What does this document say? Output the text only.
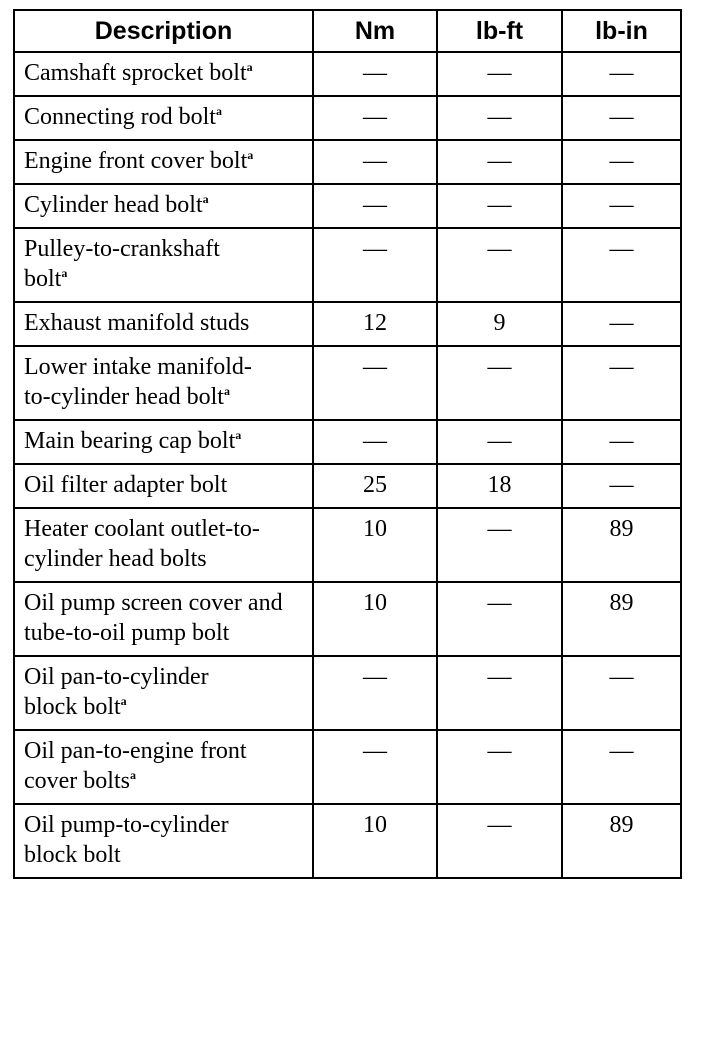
Description	Nm	lb-ft	lb-in
Camshaft sprocket bolt$^a$	—	—	—
Connecting rod bolt$^a$	—	—	—

Engine front cover bolt$^a$	—	—	—
Cylinder head bolt$^a$	—	—	—

Pulley-to-crankshaft bolt$^a$	—	—	—
Exhaust manifold studs	12	9	—

Lower intake manifold-to-cylinder head bolt$^a$	—	—	—
Main bearing cap bolt$^a$	—	—	—
Oil filter adapter bolt	25	18	—

Heater coolant outlet-to-cylinder head bolts	10	—	89

Oil pump screen cover and tube-to-oil pump bolt	10	—	89

Oil pan-to-cylinder block bolt$^a$	—	—	—

Oil pan-to-engine front cover bolts$^a$	—	—	—

Oil pump-to-cylinder block bolt	10	—	89
